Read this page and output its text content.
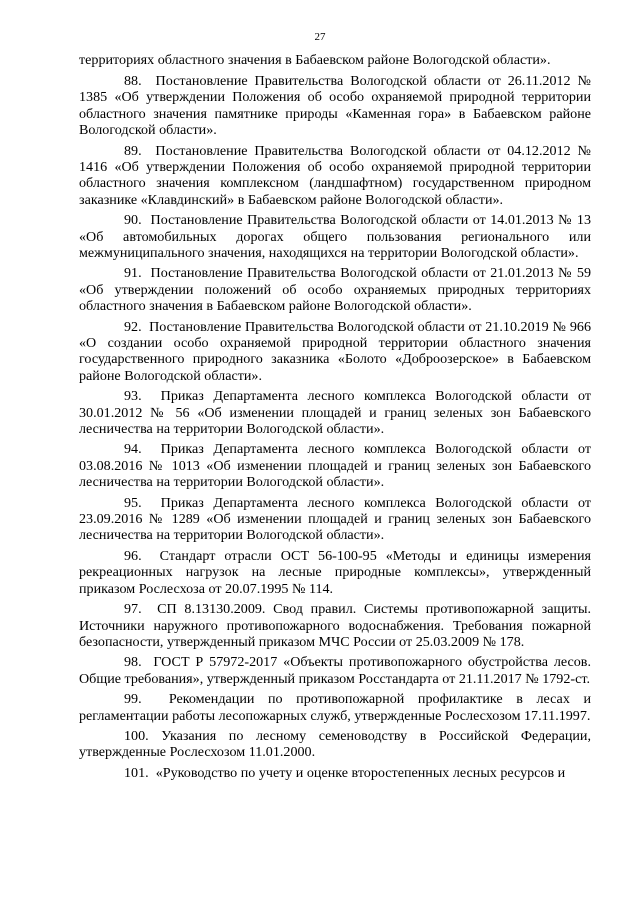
27

территориях областного значения в Бабаевском районе Вологодской области».

88. Постановление Правительства Вологодской области от 26.11.2012 № 1385 «Об утверждении Положения об особо охраняемой природной территории областного значения памятнике природы «Каменная гора» в Бабаевском районе Вологодской области».

89. Постановление Правительства Вологодской области от 04.12.2012 № 1416 «Об утверждении Положения об особо охраняемой природной территории областного значения комплексном (ландшафтном) государственном природном заказнике «Клавдинский» в Бабаевском районе Вологодской области».

90. Постановление Правительства Вологодской области от 14.01.2013 № 13 «Об автомобильных дорогах общего пользования регионального или межмуниципального значения, находящихся на территории Вологодской области».

91. Постановление Правительства Вологодской области от 21.01.2013 № 59 «Об утверждении положений об особо охраняемых природных территориях областного значения в Бабаевском районе Вологодской области».

92. Постановление Правительства Вологодской области от 21.10.2019 № 966 «О создании особо охраняемой природной территории областного значения государственного природного заказника «Болото «Доброозерское» в Бабаевском районе Вологодской области».

93. Приказ Департамента лесного комплекса Вологодской области от 30.01.2012 № 56 «Об изменении площадей и границ зеленых зон Бабаевского лесничества на территории Вологодской области».

94. Приказ Департамента лесного комплекса Вологодской области от 03.08.2016 № 1013 «Об изменении площадей и границ зеленых зон Бабаевского лесничества на территории Вологодской области».

95. Приказ Департамента лесного комплекса Вологодской области от 23.09.2016 № 1289 «Об изменении площадей и границ зеленых зон Бабаевского лесничества на территории Вологодской области».

96. Стандарт отрасли ОСТ 56-100-95 «Методы и единицы измерения рекреационных нагрузок на лесные природные комплексы», утвержденный приказом Рослесхоза от 20.07.1995 № 114.

97. СП 8.13130.2009. Свод правил. Системы противопожарной защиты. Источники наружного противопожарного водоснабжения. Требования пожарной безопасности, утвержденный приказом МЧС России от 25.03.2009 № 178.

98. ГОСТ Р 57972-2017 «Объекты противопожарного обустройства лесов. Общие требования», утвержденный приказом Росстандарта от 21.11.2017 № 1792-ст.

99. Рекомендации по противопожарной профилактике в лесах и регламентации работы лесопожарных служб, утвержденные Рослесхозом 17.11.1997.

100. Указания по лесному семеноводству в Российской Федерации, утвержденные Рослесхозом 11.01.2000.

101. «Руководство по учету и оценке второстепенных лесных ресурсов и
